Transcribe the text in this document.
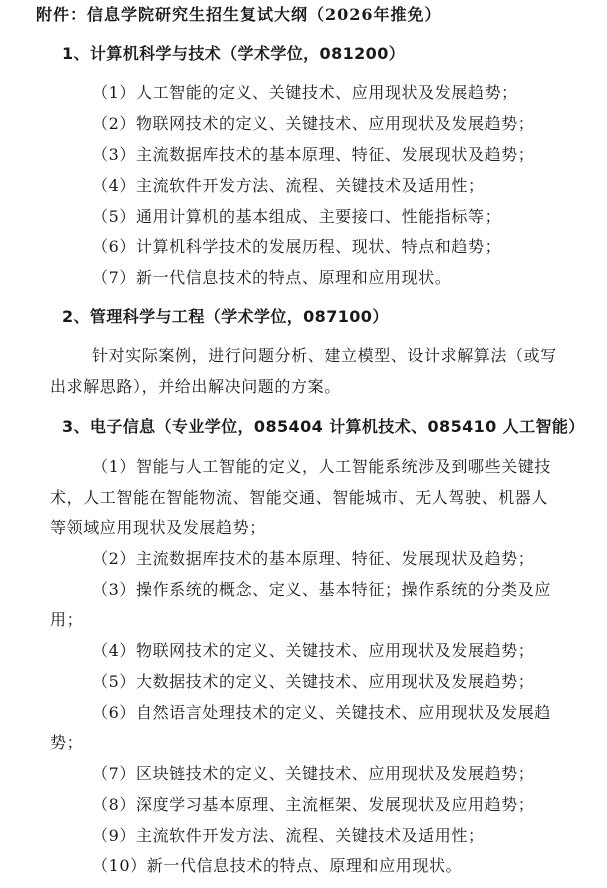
附件：信息学院研究生招生复试大纲（2026年推免）
1、计算机科学与技术（学术学位，081200）
（1）人工智能的定义、关键技术、应用现状及发展趋势；
（2）物联网技术的定义、关键技术、应用现状及发展趋势；
（3）主流数据库技术的基本原理、特征、发展现状及趋势；
（4）主流软件开发方法、流程、关键技术及适用性；
（5）通用计算机的基本组成、主要接口、性能指标等；
（6）计算机科学技术的发展历程、现状、特点和趋势；
（7）新一代信息技术的特点、原理和应用现状。
2、管理科学与工程（学术学位，087100）
针对实际案例，进行问题分析、建立模型、设计求解算法（或写
出求解思路），并给出解决问题的方案。
3、电子信息（专业学位，085404 计算机技术、085410 人工智能）
（1）智能与人工智能的定义，人工智能系统涉及到哪些关键技
术，人工智能在智能物流、智能交通、智能城市、无人驾驶、机器人
等领域应用现状及发展趋势；
（2）主流数据库技术的基本原理、特征、发展现状及趋势；
（3）操作系统的概念、定义、基本特征；操作系统的分类及应
用；
（4）物联网技术的定义、关键技术、应用现状及发展趋势；
（5）大数据技术的定义、关键技术、应用现状及发展趋势；
（6）自然语言处理技术的定义、关键技术、应用现状及发展趋
势；
（7）区块链技术的定义、关键技术、应用现状及发展趋势；
（8）深度学习基本原理、主流框架、发展现状及应用趋势；
（9）主流软件开发方法、流程、关键技术及适用性；
（10）新一代信息技术的特点、原理和应用现状。
